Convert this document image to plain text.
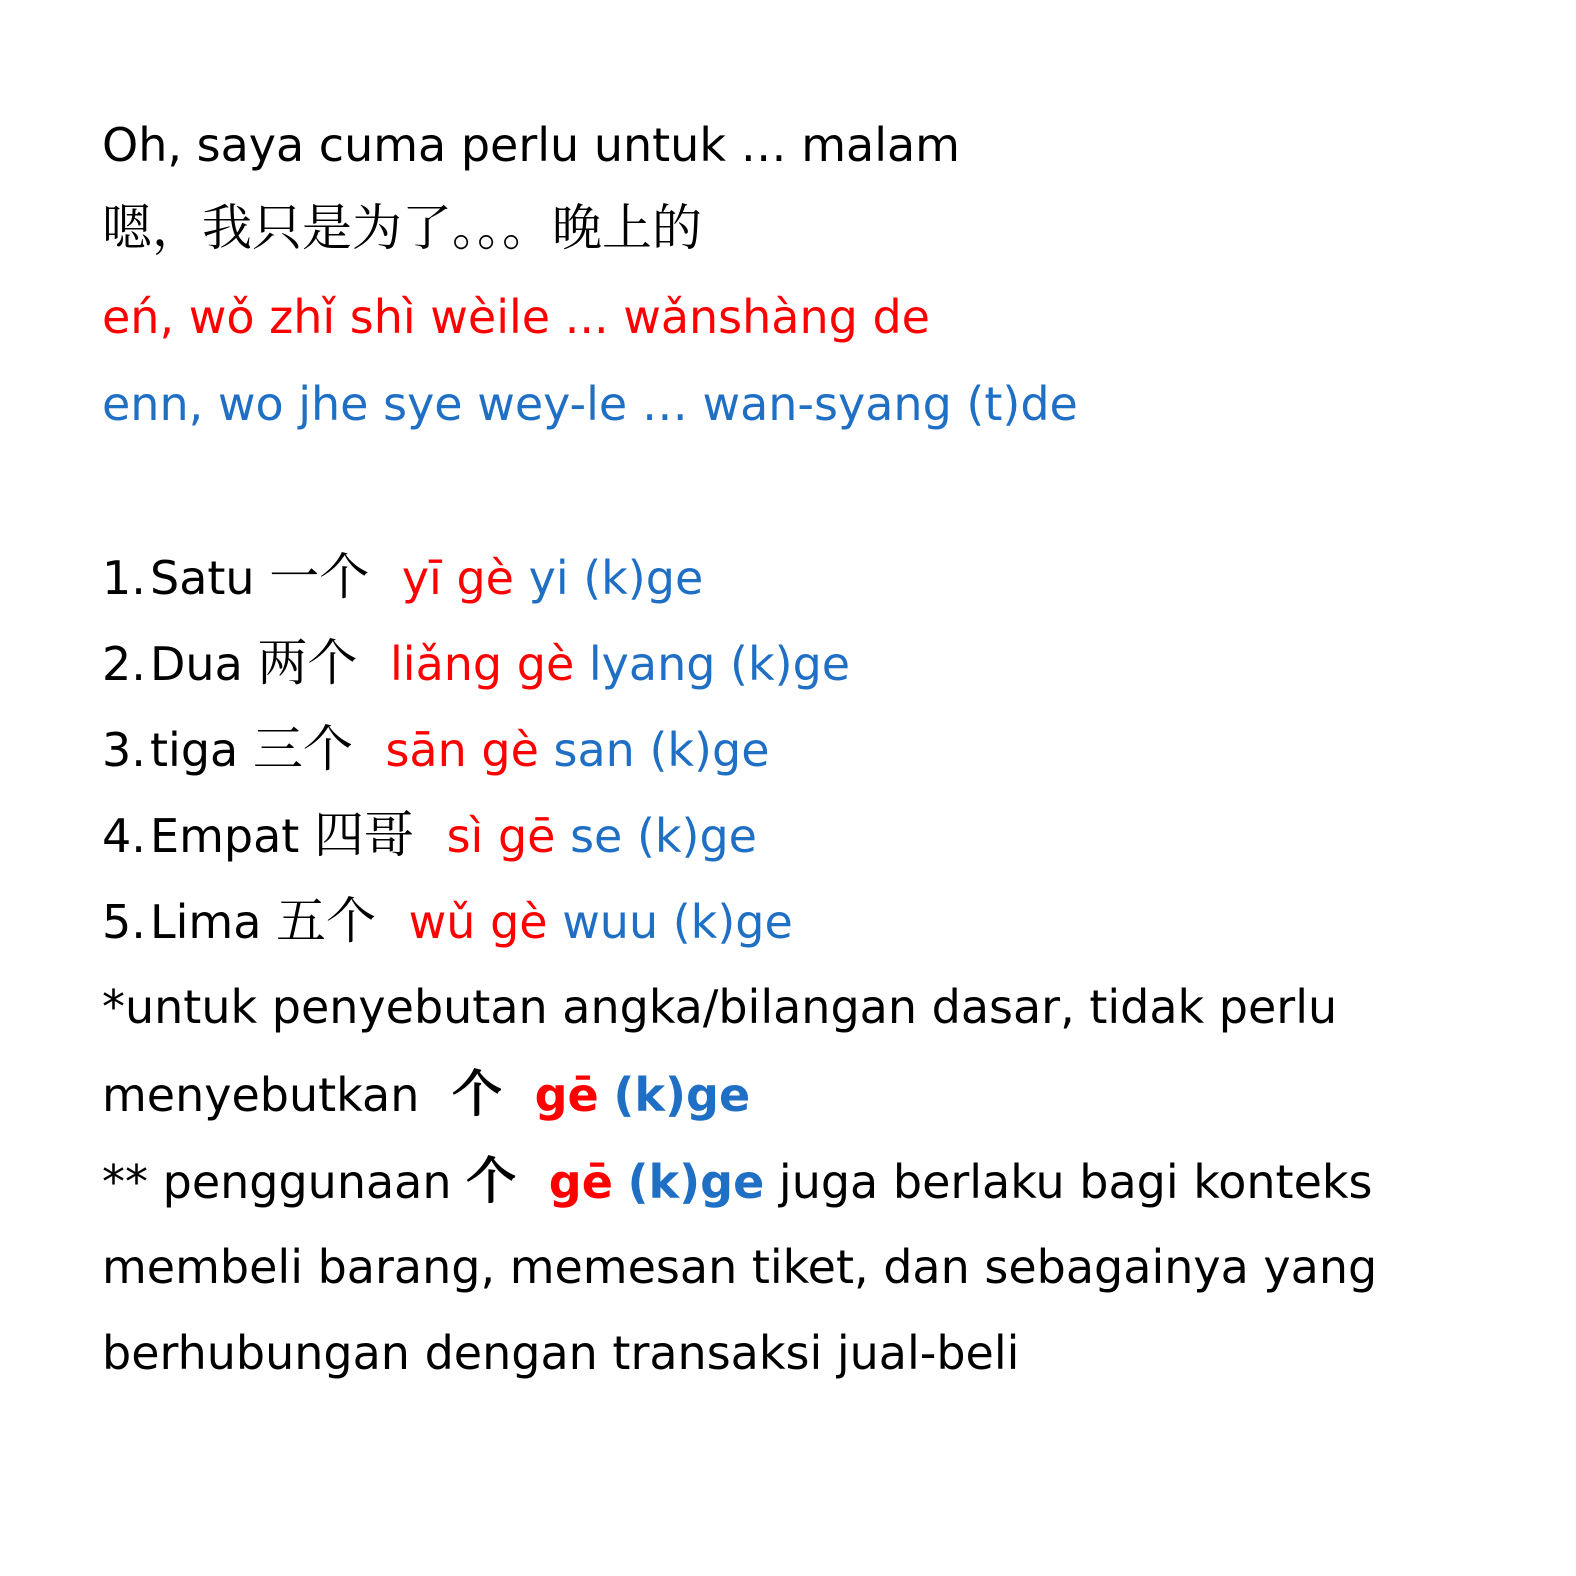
Oh, saya cuma perlu untuk … malam
嗯，我只是为了。。。晚上的
eń, wǒ zhǐ shì wèile ... wǎnshàng de
enn, wo jhe sye wey-le … wan-syang (t)de
1.Satu 一个 yī gè yi (k)ge
2.Dua 两个 liǎng gè lyang (k)ge
3.tiga 三个 sān gè san (k)ge
4.Empat 四哥 sì gē se (k)ge
5.Lima 五个 wǔ gè wuu (k)ge
*untuk penyebutan angka/bilangan dasar, tidak perlu
menyebutkan 个 gē (k)ge
** penggunaan 个 gē (k)ge juga berlaku bagi konteks
membeli barang, memesan tiket, dan sebagainya yang
berhubungan dengan transaksi jual-beli
